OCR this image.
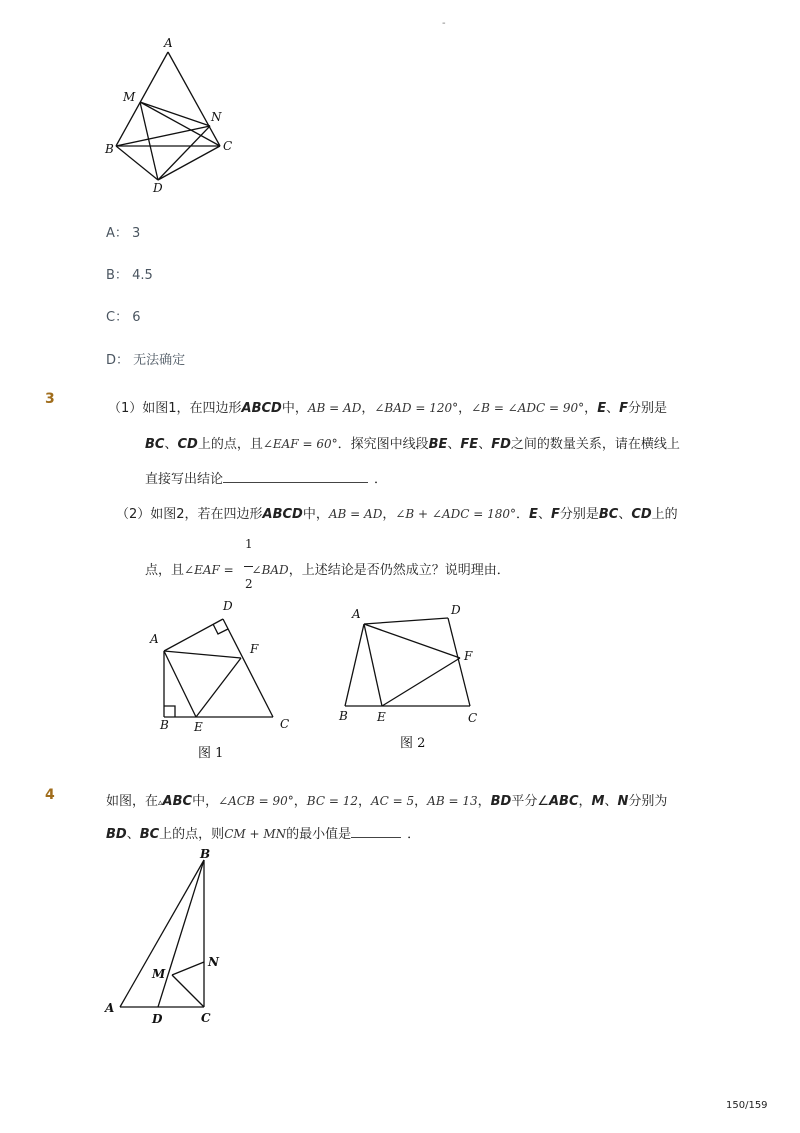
-
A
M
N
B	C
D
A： 3
B： 4.5
C： 6
D： 无法确定
3
（1）如图1，在四边形ABCD中，AB = AD，∠BAD = 120°，∠B = ∠ADC = 90°，E、F分别是
BC、CD上的点，且∠EAF = 60°．探究图中线段BE、FE、FD之间的数量关系，请在横线上
直接写出结论	．
（2）如图2，若在四边形ABCD中，AB = AD，∠B + ∠ADC = 180°．E、F分别是BC、CD上的
1
2
点，且∠EAF = ∠BAD，上述结论是否仍然成立？说明理由．
D
A
F
B E	C
图 1
A	D
F
B E	C
图 2
4	如图，在▵ABC中，∠ACB = 90°，BC = 12，AC = 5，AB = 13，BD平分∠ABC，M、N分别为
BD、BC上的点，则CM + MN的最小值是	．
B
N
M
A
D	C
150/159
